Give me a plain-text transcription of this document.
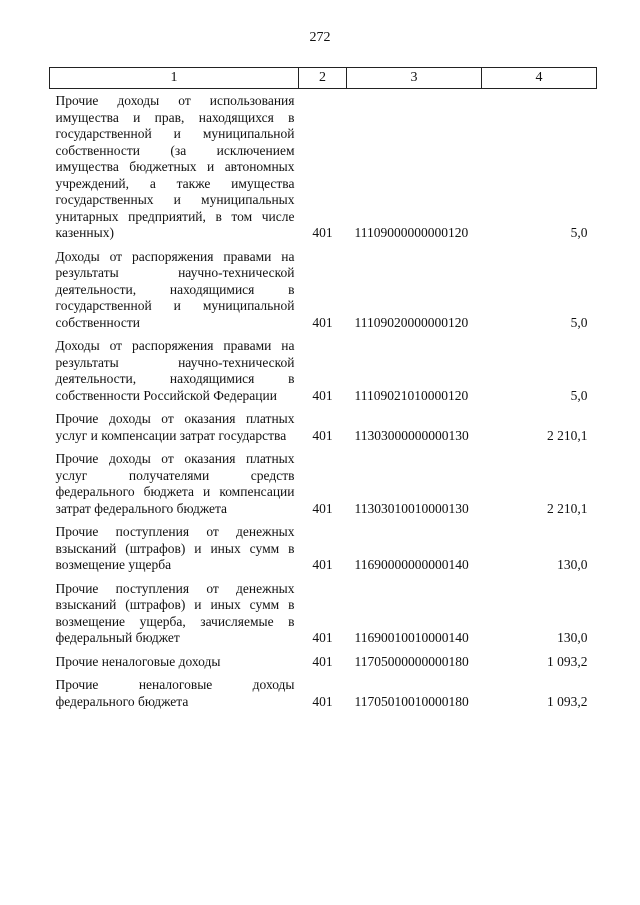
272
1	2	3	4

Прочие доходы от использования имущества и прав, находящихся в государственной и муниципальной собственности (за исключением имущества бюджетных и автономных учреждений, а также имущества государственных и муниципальных унитарных предприятий, в том числе казенных)	401	11109000000000120	5,0

Доходы от распоряжения правами на результаты научно-технической деятельности, находящимися в государственной и муниципальной собственности	401	11109020000000120	5,0

Доходы от распоряжения правами на результаты научно-технической деятельности, находящимися в собственности Российской Федерации	401	11109021010000120	5,0

Прочие доходы от оказания платных услуг и компенсации затрат государства	401	11303000000000130	2 210,1

Прочие доходы от оказания платных услуг получателями средств федерального бюджета и компенсации затрат федерального бюджета	401	11303010010000130	2 210,1

Прочие поступления от денежных взысканий (штрафов) и иных сумм в возмещение ущерба	401	11690000000000140	130,0

Прочие поступления от денежных взысканий (штрафов) и иных сумм в возмещение ущерба, зачисляемые в федеральный бюджет	401	11690010010000140	130,0

Прочие неналоговые доходы	401	11705000000000180	1 093,2

Прочие неналоговые доходы федерального бюджета	401	11705010010000180	1 093,2
